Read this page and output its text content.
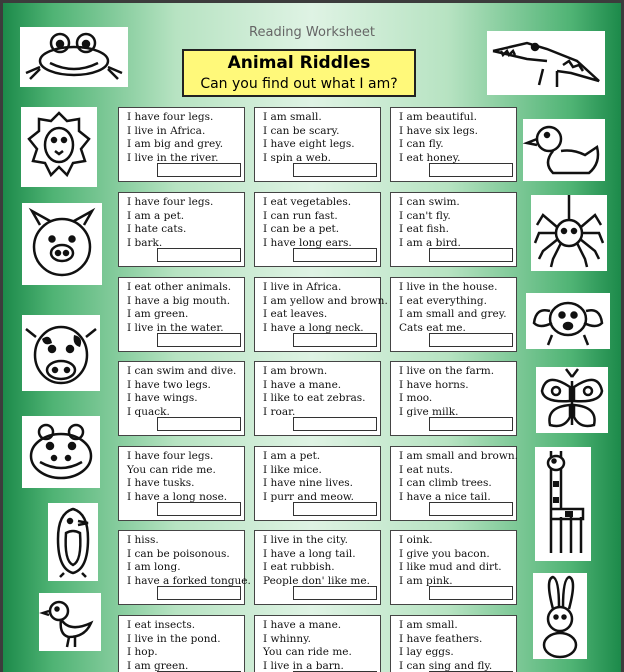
Reading Worksheet
Animal Riddles
Can you find out what I am?
I have four legs.
I live in Africa.
I am big and grey.
I live in the river.
I am small.
I can be scary.
I have eight legs.
I spin a web.
I am beautiful.
I have six legs.
I can fly.
I eat honey.
I have four legs.
I am a pet.
I hate cats.
I bark.
I eat vegetables.
I can run fast.
I can be a pet.
I have long ears.
I can swim.
I can't fly.
I eat fish.
I am a bird.
I eat other animals.
I have a big mouth.
I am green.
I live in the water.
I live in Africa.
I am yellow and brown.
I eat leaves.
I have a long neck.
I live in the house.
I eat everything.
I am small and grey.
Cats eat me.
I can swim and dive.
I have two legs.
I have wings.
I quack.
I am brown.
I have a mane.
I like to eat zebras.
I roar.
I live on the farm.
I have horns.
I moo.
I give milk.
I have four legs.
You can ride me.
I have tusks.
I have a long nose.
I am a pet.
I like mice.
I have nine lives.
I purr and meow.
I am small and brown.
I eat nuts.
I can climb trees.
I have a nice tail.
I hiss.
I can be poisonous.
I am long.
I have a forked tongue.
I live in the city.
I have a long tail.
I eat rubbish.
People don' like me.
I oink.
I give you bacon.
I like mud and dirt.
I am pink.
I eat insects.
I live in the pond.
I hop.
I am green.
I have a mane.
I whinny.
You can ride me.
I live in a barn.
I am small.
I have feathers.
I lay eggs.
I can sing and fly.
